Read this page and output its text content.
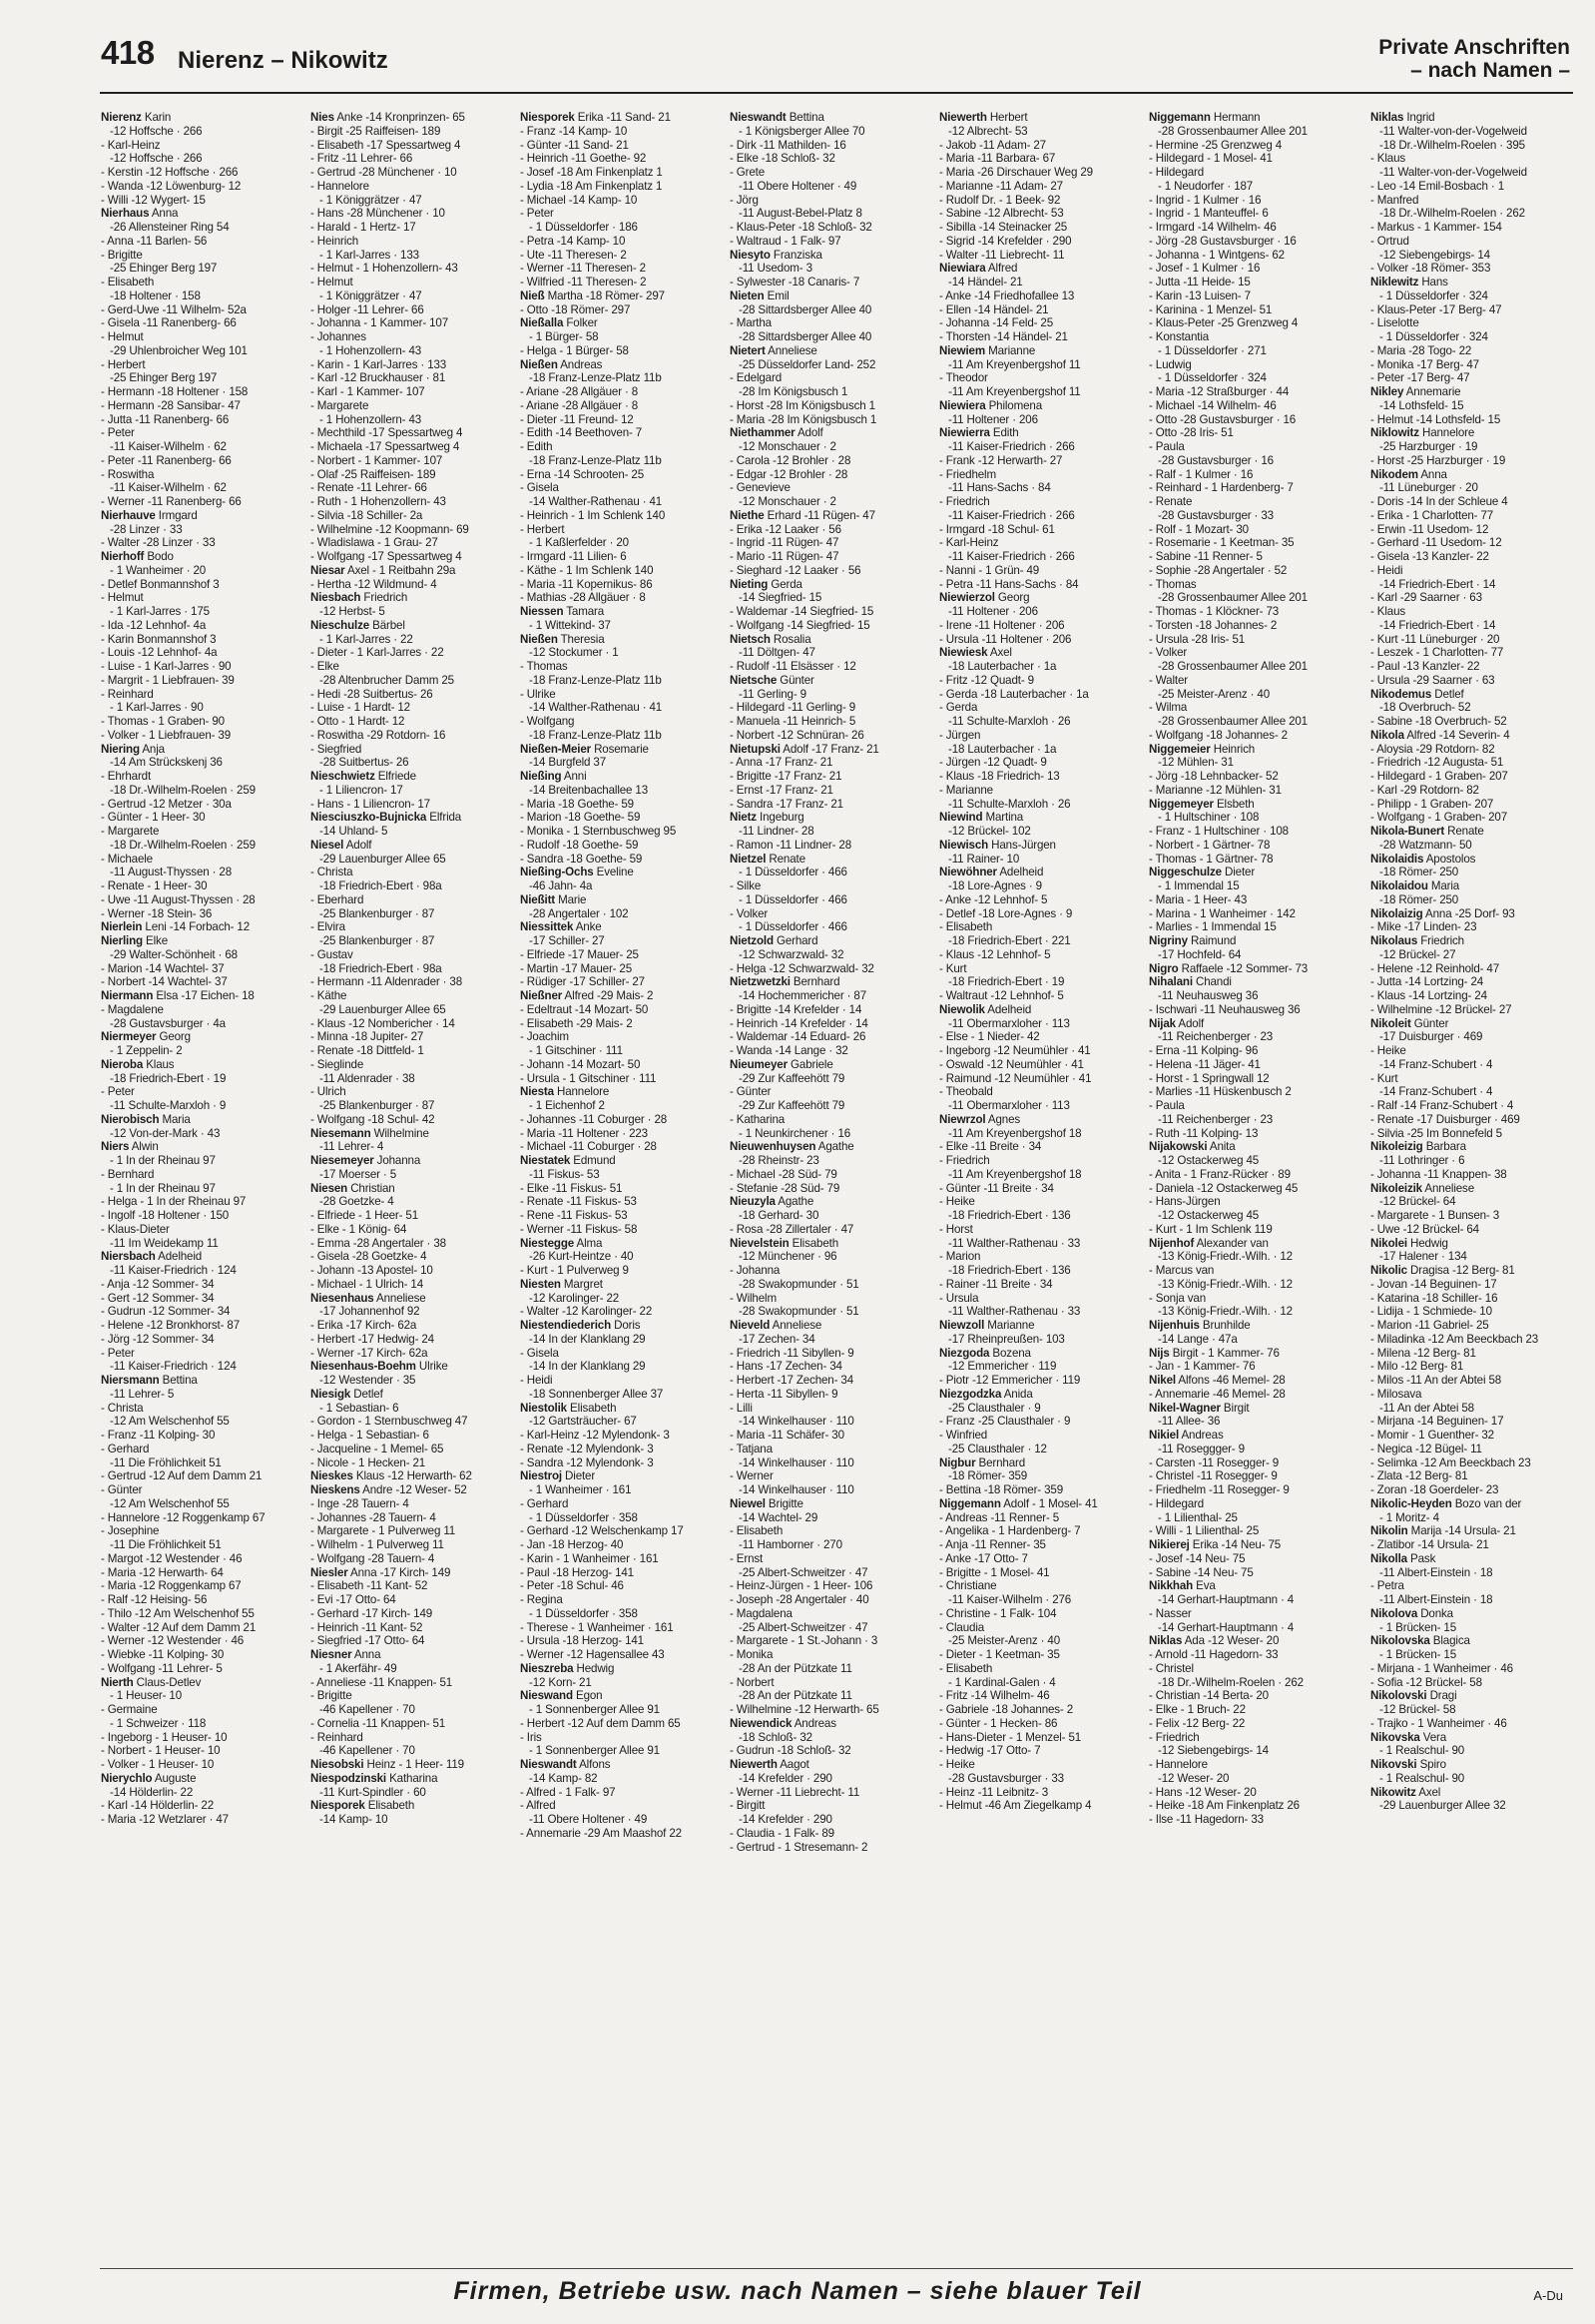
418 Nierenz – Nikowitz	Private Anschriften
– nach Namen –
Nierenz Karin
-12 Hoffsche · 266
- Karl-Heinz
-12 Hoffsche · 266
- Kerstin -12 Hoffsche · 266
- Wanda -12 Löwenburg- 12
- Willi -12 Wygert- 15
Nierhaus Anna
-26 Allensteiner Ring 54
- Anna -11 Barlen- 56
- Brigitte
-25 Ehinger Berg 197
- Elisabeth
-18 Holtener · 158
- Gerd-Uwe -11 Wilhelm- 52a
- Gisela -11 Ranenberg- 66
- Helmut
-29 Uhlenbroicher Weg 101
- Herbert
-25 Ehinger Berg 197
- Hermann -18 Holtener · 158
- Hermann -28 Sansibar- 47
- Jutta -11 Ranenberg- 66
- Peter
-11 Kaiser-Wilhelm · 62
- Peter -11 Ranenberg- 66
- Roswitha
-11 Kaiser-Wilhelm · 62
- Werner -11 Ranenberg- 66
Nierhauve Irmgard
-28 Linzer · 33
- Walter -28 Linzer · 33
Nierhoff Bodo
- 1 Wanheimer · 20
- Detlef Bonmannshof 3
- Helmut
- 1 Karl-Jarres · 175
- Ida -12 Lehnhof- 4a
- Karin Bonmannshof 3
- Louis -12 Lehnhof- 4a
- Luise - 1 Karl-Jarres · 90
- Margrit - 1 Liebfrauen- 39
- Reinhard
- 1 Karl-Jarres · 90
- Thomas - 1 Graben- 90
- Volker - 1 Liebfrauen- 39
Niering Anja
-14 Am Strückskenj 36
- Ehrhardt
-18 Dr.-Wilhelm-Roelen · 259
- Gertrud -12 Metzer · 30a
- Günter - 1 Heer- 30
- Margarete
-18 Dr.-Wilhelm-Roelen · 259
- Michaele
-11 August-Thyssen · 28
- Renate - 1 Heer- 30
- Uwe -11 August-Thyssen · 28
- Werner -18 Stein- 36
Nierlein Leni -14 Forbach- 12
Nierling Elke
-29 Walter-Schönheit · 68
- Marion -14 Wachtel- 37
- Norbert -14 Wachtel- 37
Niermann Elsa -17 Eichen- 18
- Magdalene
-28 Gustavsburger · 4a
Niermeyer Georg
- 1 Zeppelin- 2
Nieroba Klaus
-18 Friedrich-Ebert · 19
- Peter
-11 Schulte-Marxloh · 9
Nierobisch Maria
-12 Von-der-Mark · 43
Niers Alwin
- 1 In der Rheinau 97
- Bernhard
- 1 In der Rheinau 97
- Helga - 1 In der Rheinau 97
- Ingolf -18 Holtener · 150
- Klaus-Dieter
-11 Im Weidekamp 11
Niersbach Adelheid
-11 Kaiser-Friedrich · 124
- Anja -12 Sommer- 34
- Gert -12 Sommer- 34
- Gudrun -12 Sommer- 34
- Helene -12 Bronkhorst- 87
- Jörg -12 Sommer- 34
- Peter
-11 Kaiser-Friedrich · 124
Niersmann Bettina
-11 Lehrer- 5
- Christa
-12 Am Welschenhof 55
- Franz -11 Kolping- 30
- Gerhard
-11 Die Fröhlichkeit 51
- Gertrud -12 Auf dem Damm 21
- Günter
-12 Am Welschenhof 55
- Hannelore -12 Roggenkamp 67
- Josephine
-11 Die Fröhlichkeit 51
- Margot -12 Westender · 46
- Maria -12 Herwarth- 64
- Maria -12 Roggenkamp 67
- Ralf -12 Heising- 56
- Thilo -12 Am Welschenhof 55
- Walter -12 Auf dem Damm 21
- Werner -12 Westender · 46
- Wiebke -11 Kolping- 30
- Wolfgang -11 Lehrer- 5
Nierth Claus-Detlev
- 1 Heuser- 10
- Germaine
- 1 Schweizer · 118
- Ingeborg - 1 Heuser- 10
- Norbert - 1 Heuser- 10
- Volker - 1 Heuser- 10
Nierychlo Auguste
-14 Hölderlin- 22
- Karl -14 Hölderlin- 22
- Maria -12 Wetzlarer · 47
Nies Anke -14 Kronprinzen- 65
- Birgit -25 Raiffeisen- 189
- Elisabeth -17 Spessartweg 4
- Fritz -11 Lehrer- 66
- Gertrud -28 Münchener · 10
- Hannelore
- 1 Königgrätzer · 47
- Hans -28 Münchener · 10
- Harald - 1 Hertz- 17
- Heinrich
- 1 Karl-Jarres · 133
- Helmut - 1 Hohenzollern- 43
- Helmut
- 1 Königgrätzer · 47
- Holger -11 Lehrer- 66
- Johanna - 1 Kammer- 107
- Johannes
- 1 Hohenzollern- 43
- Karin - 1 Karl-Jarres · 133
- Karl -12 Bruckhauser · 81
- Karl - 1 Kammer- 107
- Margarete
- 1 Hohenzollern- 43
- Mechthild -17 Spessartweg 4
- Michaela -17 Spessartweg 4
- Norbert - 1 Kammer- 107
- Olaf -25 Raiffeisen- 189
- Renate -11 Lehrer- 66
- Ruth - 1 Hohenzollern- 43
- Silvia -18 Schiller- 2a
- Wilhelmine -12 Koopmann- 69
- Wladislawa - 1 Grau- 27
- Wolfgang -17 Spessartweg 4
Niesar Axel - 1 Reitbahn 29a
- Hertha -12 Wildmund- 4
Niesbach Friedrich
-12 Herbst- 5
Nieschulze Bärbel
- 1 Karl-Jarres · 22
- Dieter - 1 Karl-Jarres · 22
- Elke
-28 Altenbrucher Damm 25
- Hedi -28 Suitbertus- 26
- Luise - 1 Hardt- 12
- Otto - 1 Hardt- 12
- Roswitha -29 Rotdorn- 16
- Siegfried
-28 Suitbertus- 26
Nieschwietz Elfriede
- 1 Liliencron- 17
- Hans - 1 Liliencron- 17
Niesciuszko-Bujnicka Elfrida
-14 Uhland- 5
Niesel Adolf
-29 Lauenburger Allee 65
- Christa
-18 Friedrich-Ebert · 98a
- Eberhard
-25 Blankenburger · 87
- Elvira
-25 Blankenburger · 87
- Gustav
-18 Friedrich-Ebert · 98a
- Hermann -11 Aldenrader · 38
- Käthe
-29 Lauenburger Allee 65
- Klaus -12 Nombericher · 14
- Minna -18 Jupiter- 27
- Renate -18 Dittfeld- 1
- Sieglinde
-11 Aldenrader · 38
- Ulrich
-25 Blankenburger · 87
- Wolfgang -18 Schul- 42
Niesemann Wilhelmine
-11 Lehrer- 4
Niesemeyer Johanna
-17 Moerser · 5
Niesen Christian
-28 Goetzke- 4
- Elfriede - 1 Heer- 51
- Elke - 1 König- 64
- Emma -28 Angertaler · 38
- Gisela -28 Goetzke- 4
- Johann -13 Apostel- 10
- Michael - 1 Ulrich- 14
Niesenhaus Anneliese
-17 Johannenhof 92
- Erika -17 Kirch- 62a
- Herbert -17 Hedwig- 24
- Werner -17 Kirch- 62a
Niesenhaus-Boehm Ulrike
-12 Westender · 35
Niesigk Detlef
- 1 Sebastian- 6
- Gordon - 1 Sternbuschweg 47
- Helga - 1 Sebastian- 6
- Jacqueline - 1 Memel- 65
- Nicole - 1 Hecken- 21
Nieskes Klaus -12 Herwarth- 62
Nieskens Andre -12 Weser- 52
- Inge -28 Tauern- 4
- Johannes -28 Tauern- 4
- Margarete - 1 Pulverweg 11
- Wilhelm - 1 Pulverweg 11
- Wolfgang -28 Tauern- 4
Niesler Anna -17 Kirch- 149
- Elisabeth -11 Kant- 52
- Evi -17 Otto- 64
- Gerhard -17 Kirch- 149
- Heinrich -11 Kant- 52
- Siegfried -17 Otto- 64
Niesner Anna
- 1 Akerfähr- 49
- Anneliese -11 Knappen- 51
- Brigitte
-46 Kapellener · 70
- Cornelia -11 Knappen- 51
- Reinhard
-46 Kapellener · 70
Niesobski Heinz - 1 Heer- 119
Niespodzinski Katharina
-11 Kurt-Spindler · 60
Niesporek Elisabeth
-14 Kamp- 10
Niesporek Erika -11 Sand- 21
- Franz -14 Kamp- 10
- Günter -11 Sand- 21
- Heinrich -11 Goethe- 92
- Josef -18 Am Finkenplatz 1
- Lydia -18 Am Finkenplatz 1
- Michael -14 Kamp- 10
- Peter
- 1 Düsseldorfer · 186
- Petra -14 Kamp- 10
- Ute -11 Theresen- 2
- Werner -11 Theresen- 2
- Wilfried -11 Theresen- 2
Nieß Martha -18 Römer- 297
- Otto -18 Römer- 297
Nießalla Folker
- 1 Bürger- 58
- Helga - 1 Bürger- 58
Nießen Andreas
-18 Franz-Lenze-Platz 11b
- Ariane -28 Allgäuer · 8
- Ariane -28 Allgäuer · 8
- Dieter -11 Freund- 12
- Edith -14 Beethoven- 7
- Edith
-18 Franz-Lenze-Platz 11b
- Erna -14 Schrooten- 25
- Gisela
-14 Walther-Rathenau · 41
- Heinrich - 1 Im Schlenk 140
- Herbert
- 1 Kaßlerfelder · 20
- Irmgard -11 Lilien- 6
- Käthe - 1 Im Schlenk 140
- Maria -11 Kopernikus- 86
- Mathias -28 Allgäuer · 8
Niessen Tamara
- 1 Wittekind- 37
Nießen Theresia
-12 Stockumer · 1
- Thomas
-18 Franz-Lenze-Platz 11b
- Ulrike
-14 Walther-Rathenau · 41
- Wolfgang
-18 Franz-Lenze-Platz 11b
Nießen-Meier Rosemarie
-14 Burgfeld 37
Nießing Anni
-14 Breitenbachallee 13
- Maria -18 Goethe- 59
- Marion -18 Goethe- 59
- Monika - 1 Sternbuschweg 95
- Rudolf -18 Goethe- 59
- Sandra -18 Goethe- 59
Nießing-Ochs Eveline
-46 Jahn- 4a
Nießitt Marie
-28 Angertaler · 102
Niessittek Anke
-17 Schiller- 27
- Elfriede -17 Mauer- 25
- Martin -17 Mauer- 25
- Rüdiger -17 Schiller- 27
Nießner Alfred -29 Mais- 2
- Edeltraut -14 Mozart- 50
- Elisabeth -29 Mais- 2
- Joachim
- 1 Gitschiner · 111
- Johann -14 Mozart- 50
- Ursula - 1 Gitschiner · 111
Niesta Hannelore
- 1 Eichenhof 2
- Johannes -11 Coburger · 28
- Maria -11 Holtener · 223
- Michael -11 Coburger · 28
Niestatek Edmund
-11 Fiskus- 53
- Elke -11 Fiskus- 51
- Renate -11 Fiskus- 53
- Rene -11 Fiskus- 53
- Werner -11 Fiskus- 58
Niestegge Alma
-26 Kurt-Heintze · 40
- Kurt - 1 Pulverweg 9
Niesten Margret
-12 Karolinger- 22
- Walter -12 Karolinger- 22
Niestendiederich Doris
-14 In der Klanklang 29
- Gisela
-14 In der Klanklang 29
- Heidi
-18 Sonnenberger Allee 37
Niestolik Elisabeth
-12 Gartsträucher- 67
- Karl-Heinz -12 Mylendonk- 3
- Renate -12 Mylendonk- 3
- Sandra -12 Mylendonk- 3
Niestroj Dieter
- 1 Wanheimer · 161
- Gerhard
- 1 Düsseldorfer · 358
- Gerhard -12 Welschenkamp 17
- Jan -18 Herzog- 40
- Karin - 1 Wanheimer · 161
- Paul -18 Herzog- 141
- Peter -18 Schul- 46
- Regina
- 1 Düsseldorfer · 358
- Therese - 1 Wanheimer · 161
- Ursula -18 Herzog- 141
- Werner -12 Hagensallee 43
Nieszreba Hedwig
-12 Korn- 21
Nieswand Egon
- 1 Sonnenberger Allee 91
- Herbert -12 Auf dem Damm 65
- Iris
- 1 Sonnenberger Allee 91
Nieswandt Alfons
-14 Kamp- 82
- Alfred - 1 Falk- 97
- Alfred
-11 Obere Holtener · 49
- Annemarie -29 Am Maashof 22
Nieswandt Bettina
- 1 Königsberger Allee 70
- Dirk -11 Mathilden- 16
- Elke -18 Schloß- 32
- Grete
-11 Obere Holtener · 49
- Jörg
-11 August-Bebel-Platz 8
- Klaus-Peter -18 Schloß- 32
- Waltraud - 1 Falk- 97
Niesyto Franziska
-11 Usedom- 3
- Sylwester -18 Canaris- 7
Nieten Emil
-28 Sittardsberger Allee 40
- Martha
-28 Sittardsberger Allee 40
Nietert Anneliese
-25 Düsseldorfer Land- 252
- Edelgard
-28 Im Königsbusch 1
- Horst -28 Im Königsbusch 1
- Maria -28 Im Königsbusch 1
Niethammer Adolf
-12 Monschauer · 2
- Carola -12 Brohler · 28
- Edgar -12 Brohler · 28
- Genevieve
-12 Monschauer · 2
Niethe Erhard -11 Rügen- 47
- Erika -12 Laaker · 56
- Ingrid -11 Rügen- 47
- Mario -11 Rügen- 47
- Sieghard -12 Laaker · 56
Nieting Gerda
-14 Siegfried- 15
- Waldemar -14 Siegfried- 15
- Wolfgang -14 Siegfried- 15
Nietsch Rosalia
-11 Döltgen- 47
- Rudolf -11 Elsässer · 12
Nietsche Günter
-11 Gerling- 9
- Hildegard -11 Gerling- 9
- Manuela -11 Heinrich- 5
- Norbert -12 Schnüran- 26
Nietupski Adolf -17 Franz- 21
- Anna -17 Franz- 21
- Brigitte -17 Franz- 21
- Ernst -17 Franz- 21
- Sandra -17 Franz- 21
Nietz Ingeburg
-11 Lindner- 28
- Ramon -11 Lindner- 28
Nietzel Renate
- 1 Düsseldorfer · 466
- Silke
- 1 Düsseldorfer · 466
- Volker
- 1 Düsseldorfer · 466
Nietzold Gerhard
-12 Schwarzwald- 32
- Helga -12 Schwarzwald- 32
Nietzwetzki Bernhard
-14 Hochemmericher · 87
- Brigitte -14 Krefelder · 14
- Heinrich -14 Krefelder · 14
- Waldemar -14 Eduard- 26
- Wanda -14 Lange · 32
Nieumeyer Gabriele
-29 Zur Kaffeehött 79
- Günter
-29 Zur Kaffeehött 79
- Katharina
- 1 Neunkirchener · 16
Nieuwenhuysen Agathe
-28 Rheinstr- 23
- Michael -28 Süd- 79
- Stefanie -28 Süd- 79
Nieuzyla Agathe
-18 Gerhard- 30
- Rosa -28 Zillertaler · 47
Nievelstein Elisabeth
-12 Münchener · 96
- Johanna
-28 Swakopmunder · 51
- Wilhelm
-28 Swakopmunder · 51
Nieveld Anneliese
-17 Zechen- 34
- Friedrich -11 Sibyllen- 9
- Hans -17 Zechen- 34
- Herbert -17 Zechen- 34
- Herta -11 Sibyllen- 9
- Lilli
-14 Winkelhauser · 110
- Maria -11 Schäfer- 30
- Tatjana
-14 Winkelhauser · 110
- Werner
-14 Winkelhauser · 110
Niewel Brigitte
-14 Wachtel- 29
- Elisabeth
-11 Hamborner · 270
- Ernst
-25 Albert-Schweitzer · 47
- Heinz-Jürgen - 1 Heer- 106
- Joseph -28 Angertaler · 40
- Magdalena
-25 Albert-Schweitzer · 47
- Margarete - 1 St.-Johann · 3
- Monika
-28 An der Pützkate 11
- Norbert
-28 An der Pützkate 11
- Wilhelmine -12 Herwarth- 65
Niewendick Andreas
-18 Schloß- 32
- Gudrun -18 Schloß- 32
Niewerth Aagot
-14 Krefelder · 290
- Werner -11 Liebrecht- 11
- Birgitt
-14 Krefelder · 290
- Claudia - 1 Falk- 89
- Gertrud - 1 Stresemann- 2
Niewerth Herbert
-12 Albrecht- 53
- Jakob -11 Adam- 27
- Maria -11 Barbara- 67
- Maria -26 Dirschauer Weg 29
- Marianne -11 Adam- 27
- Rudolf Dr. - 1 Beek- 92
- Sabine -12 Albrecht- 53
- Sibilla -14 Steinacker 25
- Sigrid -14 Krefelder · 290
- Walter -11 Liebrecht- 11
Niewiara Alfred
-14 Händel- 21
- Anke -14 Friedhofallee 13
- Ellen -14 Händel- 21
- Johanna -14 Feld- 25
- Thorsten -14 Händel- 21
Niewiem Marianne
-11 Am Kreyenbergshof 11
- Theodor
-11 Am Kreyenbergshof 11
Niewiera Philomena
-11 Holtener · 206
Niewierra Edith
-11 Kaiser-Friedrich · 266
- Frank -12 Herwarth- 27
- Friedhelm
-11 Hans-Sachs · 84
- Friedrich
-11 Kaiser-Friedrich · 266
- Irmgard -18 Schul- 61
- Karl-Heinz
-11 Kaiser-Friedrich · 266
- Nanni - 1 Grün- 49
- Petra -11 Hans-Sachs · 84
Niewierzol Georg
-11 Holtener · 206
- Irene -11 Holtener · 206
- Ursula -11 Holtener · 206
Niewiesk Axel
-18 Lauterbacher · 1a
- Fritz -12 Quadt- 9
- Gerda -18 Lauterbacher · 1a
- Gerda
-11 Schulte-Marxloh · 26
- Jürgen
-18 Lauterbacher · 1a
- Jürgen -12 Quadt- 9
- Klaus -18 Friedrich- 13
- Marianne
-11 Schulte-Marxloh · 26
Niewind Martina
-12 Brückel- 102
Niewisch Hans-Jürgen
-11 Rainer- 10
Niewöhner Adelheid
-18 Lore-Agnes · 9
- Anke -12 Lehnhof- 5
- Detlef -18 Lore-Agnes · 9
- Elisabeth
-18 Friedrich-Ebert · 221
- Klaus -12 Lehnhof- 5
- Kurt
-18 Friedrich-Ebert · 19
- Waltraut -12 Lehnhof- 5
Niewolik Adelheid
-11 Obermarxloher · 113
- Else - 1 Nieder- 42
- Ingeborg -12 Neumühler · 41
- Oswald -12 Neumühler · 41
- Raimund -12 Neumühler · 41
- Theobald
-11 Obermarxloher · 113
Niewrzol Agnes
-11 Am Kreyenbergshof 18
- Elke -11 Breite · 34
- Friedrich
-11 Am Kreyenbergshof 18
- Günter -11 Breite · 34
- Heike
-18 Friedrich-Ebert · 136
- Horst
-11 Walther-Rathenau · 33
- Marion
-18 Friedrich-Ebert · 136
- Rainer -11 Breite · 34
- Ursula
-11 Walther-Rathenau · 33
Niewzoll Marianne
-17 Rheinpreußen- 103
Niezgoda Bozena
-12 Emmericher · 119
- Piotr -12 Emmericher · 119
Niezgodzka Anida
-25 Clausthaler · 9
- Franz -25 Clausthaler · 9
- Winfried
-25 Clausthaler · 12
Nigbur Bernhard
-18 Römer- 359
- Bettina -18 Römer- 359
Niggemann Adolf - 1 Mosel- 41
- Andreas -11 Renner- 5
- Angelika - 1 Hardenberg- 7
- Anja -11 Renner- 35
- Anke -17 Otto- 7
- Brigitte - 1 Mosel- 41
- Christiane
-11 Kaiser-Wilhelm · 276
- Christine - 1 Falk- 104
- Claudia
-25 Meister-Arenz · 40
- Dieter - 1 Keetman- 35
- Elisabeth
- 1 Kardinal-Galen · 4
- Fritz -14 Wilhelm- 46
- Gabriele -18 Johannes- 2
- Günter - 1 Hecken- 86
- Hans-Dieter - 1 Menzel- 51
- Hedwig -17 Otto- 7
- Heike
-28 Gustavsburger · 33
- Heinz -11 Leibnitz- 3
- Helmut -46 Am Ziegelkamp 4
Niggemann Hermann
-28 Grossenbaumer Allee 201
- Hermine -25 Grenzweg 4
- Hildegard - 1 Mosel- 41
- Hildegard
- 1 Neudorfer · 187
- Ingrid - 1 Kulmer · 16
- Ingrid - 1 Manteuffel- 6
- Irmgard -14 Wilhelm- 46
- Jörg -28 Gustavsburger · 16
- Johanna - 1 Wintgens- 62
- Josef - 1 Kulmer · 16
- Jutta -11 Heide- 15
- Karin -13 Luisen- 7
- Karinina - 1 Menzel- 51
- Klaus-Peter -25 Grenzweg 4
- Konstantia
- 1 Düsseldorfer · 271
- Ludwig
- 1 Düsseldorfer · 324
- Maria -12 Straßburger · 44
- Michael -14 Wilhelm- 46
- Otto -28 Gustavsburger · 16
- Otto -28 Iris- 51
- Paula
-28 Gustavsburger · 16
- Ralf - 1 Kulmer · 16
- Reinhard - 1 Hardenberg- 7
- Renate
-28 Gustavsburger · 33
- Rolf - 1 Mozart- 30
- Rosemarie - 1 Keetman- 35
- Sabine -11 Renner- 5
- Sophie -28 Angertaler · 52
- Thomas
-28 Grossenbaumer Allee 201
- Thomas - 1 Klöckner- 73
- Torsten -18 Johannes- 2
- Ursula -28 Iris- 51
- Volker
-28 Grossenbaumer Allee 201
- Walter
-25 Meister-Arenz · 40
- Wilma
-28 Grossenbaumer Allee 201
- Wolfgang -18 Johannes- 2
Niggemeier Heinrich
-12 Mühlen- 31
- Jörg -18 Lehnbacker- 52
- Marianne -12 Mühlen- 31
Niggemeyer Elsbeth
- 1 Hultschiner · 108
- Franz - 1 Hultschiner · 108
- Norbert - 1 Gärtner- 78
- Thomas - 1 Gärtner- 78
Niggeschulze Dieter
- 1 Immendal 15
- Maria - 1 Heer- 43
- Marina - 1 Wanheimer · 142
- Marlies - 1 Immendal 15
Nigriny Raimund
-17 Hochfeld- 64
Nigro Raffaele -12 Sommer- 73
Nihalani Chandi
-11 Neuhausweg 36
- Ischwari -11 Neuhausweg 36
Nijak Adolf
-11 Reichenberger · 23
- Erna -11 Kolping- 96
- Helena -11 Jäger- 41
- Horst - 1 Springwall 12
- Marlies -11 Hüskenbusch 2
- Paula
-11 Reichenberger · 23
- Ruth -11 Kolping- 13
Nijakowski Anita
-12 Ostackerweg 45
- Anita - 1 Franz-Rücker · 89
- Daniela -12 Ostackerweg 45
- Hans-Jürgen
-12 Ostackerweg 45
- Kurt - 1 Im Schlenk 119
Nijenhof Alexander van
-13 König-Friedr.-Wilh. · 12
- Marcus van
-13 König-Friedr.-Wilh. · 12
- Sonja van
-13 König-Friedr.-Wilh. · 12
Nijenhuis Brunhilde
-14 Lange · 47a
Nijs Birgit - 1 Kammer- 76
- Jan - 1 Kammer- 76
Nikel Alfons -46 Memel- 28
- Annemarie -46 Memel- 28
Nikel-Wagner Birgit
-11 Allee- 36
Nikiel Andreas
-11 Roseggger- 9
- Carsten -11 Rosegger- 9
- Christel -11 Rosegger- 9
- Friedhelm -11 Rosegger- 9
- Hildegard
- 1 Lilienthal- 25
- Willi - 1 Lilienthal- 25
Nikierej Erika -14 Neu- 75
- Josef -14 Neu- 75
- Sabine -14 Neu- 75
Nikkhah Eva
-14 Gerhart-Hauptmann · 4
- Nasser
-14 Gerhart-Hauptmann · 4
Niklas Ada -12 Weser- 20
- Arnold -11 Hagedorn- 33
- Christel
-18 Dr.-Wilhelm-Roelen · 262
- Christian -14 Berta- 20
- Elke - 1 Bruch- 22
- Felix -12 Berg- 22
- Friedrich
-12 Siebengebirgs- 14
- Hannelore
-12 Weser- 20
- Hans -12 Weser- 20
- Heike -18 Am Finkenplatz 26
- Ilse -11 Hagedorn- 33
Niklas Ingrid
-11 Walter-von-der-Vogelweid
-18 Dr.-Wilhelm-Roelen · 395
- Klaus
-11 Walter-von-der-Vogelweid
- Leo -14 Emil-Bosbach · 1
- Manfred
-18 Dr.-Wilhelm-Roelen · 262
- Markus - 1 Kammer- 154
- Ortrud
-12 Siebengebirgs- 14
- Volker -18 Römer- 353
Niklewitz Hans
- 1 Düsseldorfer · 324
- Klaus-Peter -17 Berg- 47
- Liselotte
- 1 Düsseldorfer · 324
- Maria -28 Togo- 22
- Monika -17 Berg- 47
- Peter -17 Berg- 47
Nikley Annemarie
-14 Lothsfeld- 15
- Helmut -14 Lothsfeld- 15
Niklowitz Hannelore
-25 Harzburger · 19
- Horst -25 Harzburger · 19
Nikodem Anna
-11 Lüneburger · 20
- Doris -14 In der Schleue 4
- Erika - 1 Charlotten- 77
- Erwin -11 Usedom- 12
- Gerhard -11 Usedom- 12
- Gisela -13 Kanzler- 22
- Heidi
-14 Friedrich-Ebert · 14
- Karl -29 Saarner · 63
- Klaus
-14 Friedrich-Ebert · 14
- Kurt -11 Lüneburger · 20
- Leszek - 1 Charlotten- 77
- Paul -13 Kanzler- 22
- Ursula -29 Saarner · 63
Nikodemus Detlef
-18 Overbruch- 52
- Sabine -18 Overbruch- 52
Nikola Alfred -14 Severin- 4
- Aloysia -29 Rotdorn- 82
- Friedrich -12 Augusta- 51
- Hildegard - 1 Graben- 207
- Karl -29 Rotdorn- 82
- Philipp - 1 Graben- 207
- Wolfgang - 1 Graben- 207
Nikola-Bunert Renate
-28 Watzmann- 50
Nikolaidis Apostolos
-18 Römer- 250
Nikolaidou Maria
-18 Römer- 250
Nikolaizig Anna -25 Dorf- 93
- Mike -17 Linden- 23
Nikolaus Friedrich
-12 Brückel- 27
- Helene -12 Reinhold- 47
- Jutta -14 Lortzing- 24
- Klaus -14 Lortzing- 24
- Wilhelmine -12 Brückel- 27
Nikoleit Günter
-17 Duisburger · 469
- Heike
-14 Franz-Schubert · 4
- Kurt
-14 Franz-Schubert · 4
- Ralf -14 Franz-Schubert · 4
- Renate -17 Duisburger · 469
- Silvia -25 Im Bonnefeld 5
Nikoleizig Barbara
-11 Lothringer · 6
- Johanna -11 Knappen- 38
Nikoleizik Anneliese
-12 Brückel- 64
- Margarete - 1 Bunsen- 3
- Uwe -12 Brückel- 64
Nikolei Hedwig
-17 Halener · 134
Nikolic Dragisa -12 Berg- 81
- Jovan -14 Beguinen- 17
- Katarina -18 Schiller- 16
- Lidija - 1 Schmiede- 10
- Marion -11 Gabriel- 25
- Miladinka -12 Am Beeckbach 23
- Milena -12 Berg- 81
- Milo -12 Berg- 81
- Milos -11 An der Abtei 58
- Milosava
-11 An der Abtei 58
- Mirjana -14 Beguinen- 17
- Momir - 1 Guenther- 32
- Negica -12 Bügel- 11
- Selimka -12 Am Beeckbach 23
- Zlata -12 Berg- 81
- Zoran -18 Goerdeler- 23
Nikolic-Heyden Bozo van der
- 1 Moritz- 4
Nikolin Marija -14 Ursula- 21
- Zlatibor -14 Ursula- 21
Nikolla Pask
-11 Albert-Einstein · 18
- Petra
-11 Albert-Einstein · 18
Nikolova Donka
- 1 Brücken- 15
Nikolovska Blagica
- 1 Brücken- 15
- Mirjana - 1 Wanheimer · 46
- Sofia -12 Brückel- 58
Nikolovski Dragi
-12 Brückel- 58
- Trajko - 1 Wanheimer · 46
Nikovska Vera
- 1 Realschul- 90
Nikovski Spiro
- 1 Realschul- 90
Nikowitz Axel
-29 Lauenburger Allee 32
Firmen, Betriebe usw. nach Namen – siehe blauer Teil	A-Du
